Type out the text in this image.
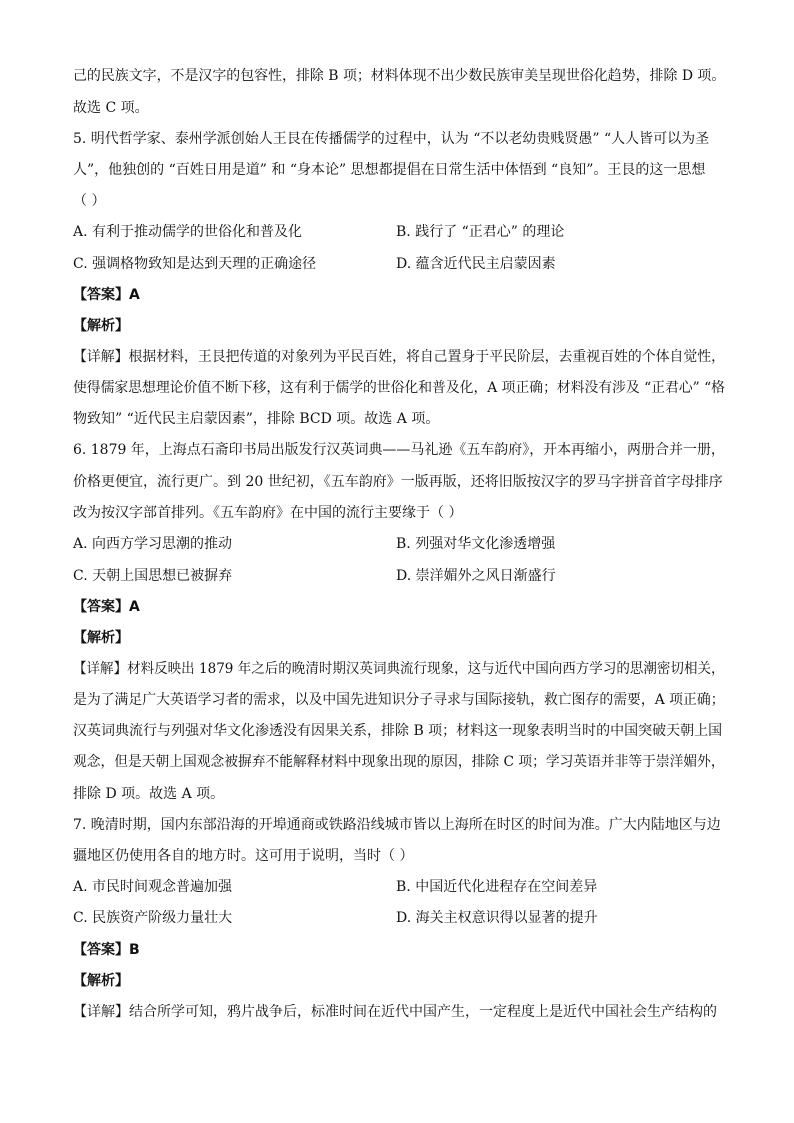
己的民族文字，不是汉字的包容性，排除 B 项；材料体现不出少数民族审美呈现世俗化趋势，排除 D 项。
故选 C 项。
5. 明代哲学家、泰州学派创始人王艮在传播儒学的过程中，认为 “不以老幼贵贱贤愚” “人人皆可以为圣
人”，他独创的 “百姓日用是道” 和 “身本论” 思想都提倡在日常生活中体悟到 “良知”。王艮的这一思想
（ ）
A. 有利于推动儒学的世俗化和普及化	B. 践行了 “正君心” 的理论
C. 强调格物致知是达到天理的正确途径	D. 蕴含近代民主启蒙因素
【答案】A
【解析】
【详解】根据材料，王艮把传道的对象列为平民百姓，将自己置身于平民阶层，去重视百姓的个体自觉性，
使得儒家思想理论价值不断下移，这有利于儒学的世俗化和普及化，A 项正确；材料没有涉及 “正君心” “格
物致知” “近代民主启蒙因素”，排除 BCD 项。故选 A 项。
6. 1879 年，上海点石斋印书局出版发行汉英词典——马礼逊《五车韵府》，开本再缩小，两册合并一册，
价格更便宜，流行更广。到 20 世纪初，《五车韵府》一版再版，还将旧版按汉字的罗马字拼音首字母排序
改为按汉字部首排列。《五车韵府》在中国的流行主要缘于（ ）
A. 向西方学习思潮的推动	B. 列强对华文化渗透增强
C. 天朝上国思想已被摒弃	D. 崇洋媚外之风日渐盛行
【答案】A
【解析】
【详解】材料反映出 1879 年之后的晚清时期汉英词典流行现象，这与近代中国向西方学习的思潮密切相关，
是为了满足广大英语学习者的需求，以及中国先进知识分子寻求与国际接轨，救亡图存的需要，A 项正确；
汉英词典流行与列强对华文化渗透没有因果关系，排除 B 项；材料这一现象表明当时的中国突破天朝上国
观念，但是天朝上国观念被摒弃不能解释材料中现象出现的原因，排除 C 项；学习英语并非等于崇洋媚外，
排除 D 项。故选 A 项。
7. 晚清时期，国内东部沿海的开埠通商或铁路沿线城市皆以上海所在时区的时间为准。广大内陆地区与边
疆地区仍使用各自的地方时。这可用于说明，当时（ ）
A. 市民时间观念普遍加强	B. 中国近代化进程存在空间差异
C. 民族资产阶级力量壮大	D. 海关主权意识得以显著的提升
【答案】B
【解析】
【详解】结合所学可知，鸦片战争后，标准时间在近代中国产生，一定程度上是近代中国社会生产结构的
